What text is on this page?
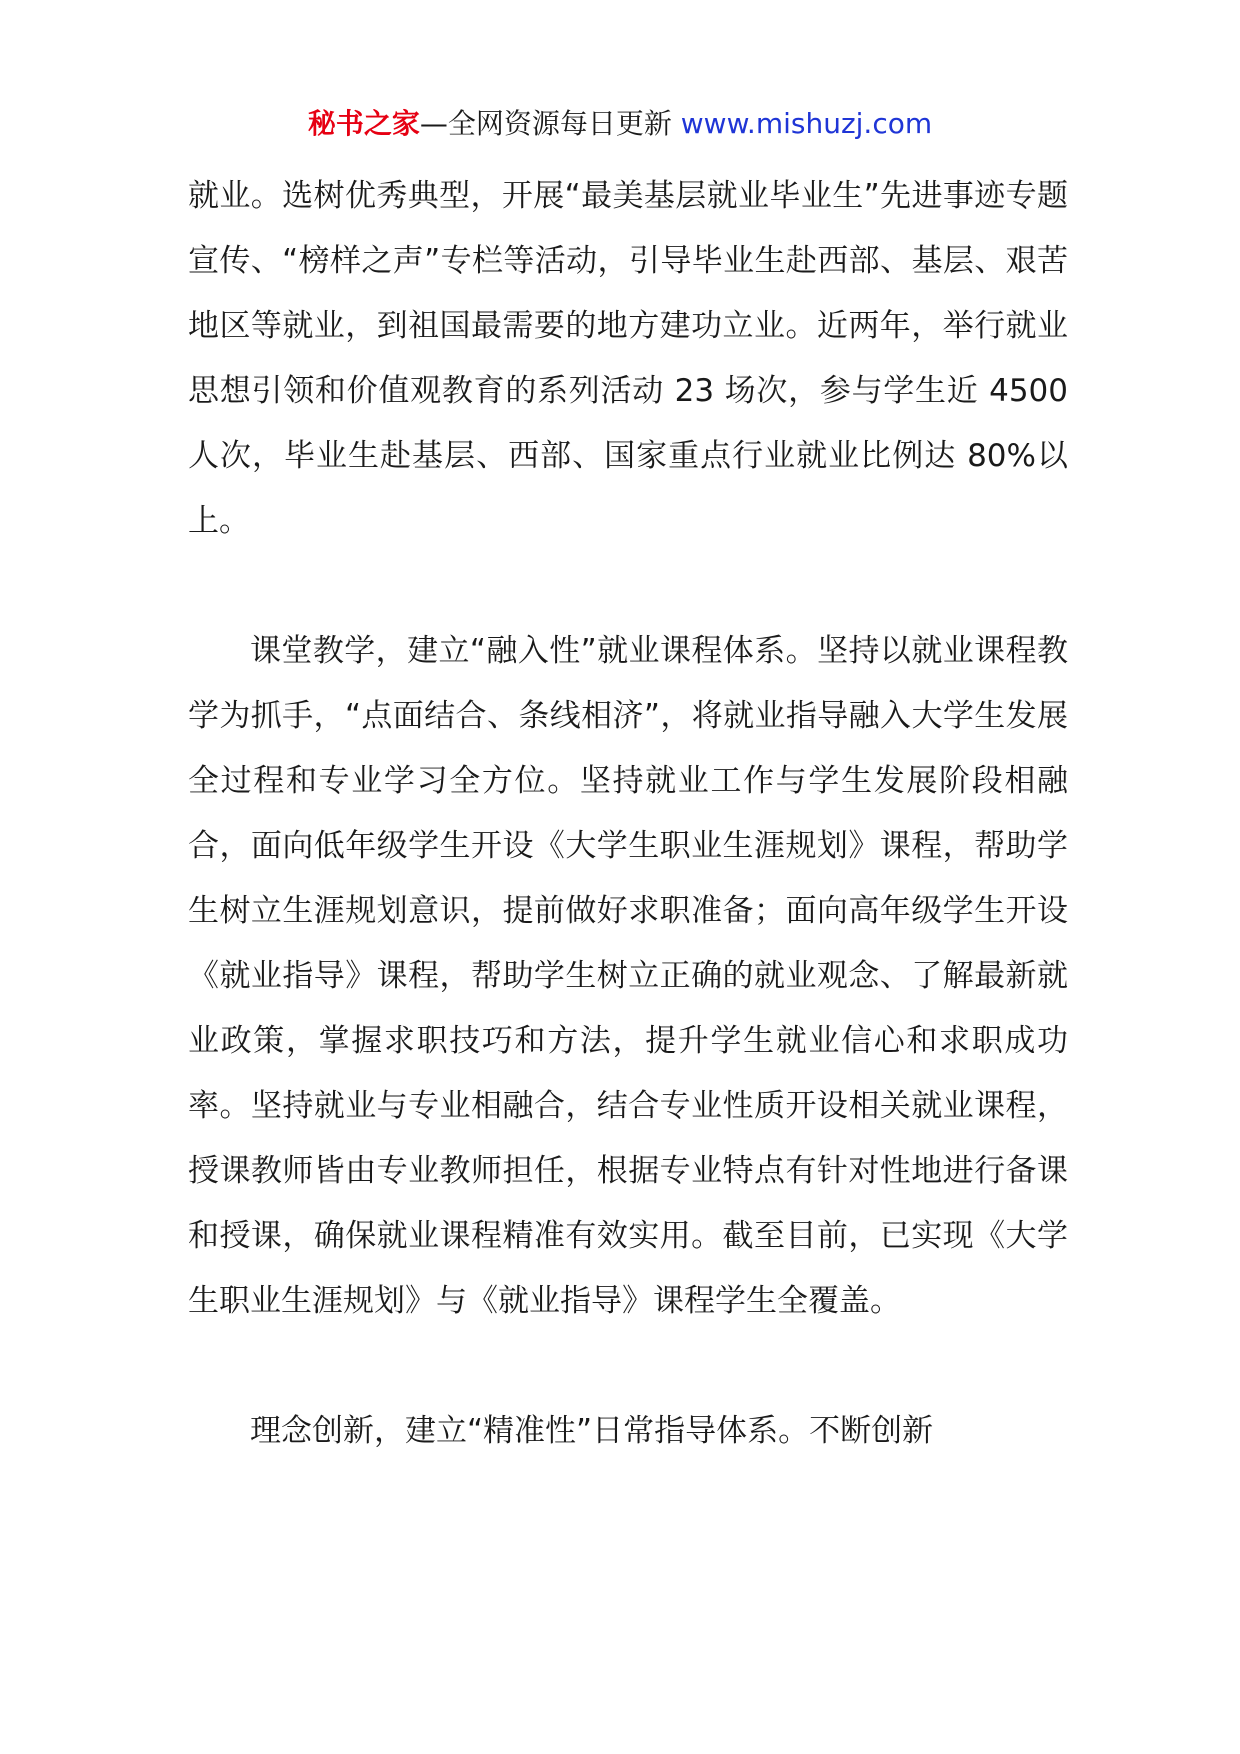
秘书之家—全网资源每日更新 www.mishuzj.com

就业。选树优秀典型，开展“最美基层就业毕业生”先进事迹专题宣传、“榜样之声”专栏等活动，引导毕业生赴西部、基层、艰苦地区等就业，到祖国最需要的地方建功立业。近两年，举行就业思想引领和价值观教育的系列活动 23 场次，参与学生近 4500 人次，毕业生赴基层、西部、国家重点行业就业比例达 80%以上。

课堂教学，建立“融入性”就业课程体系。坚持以就业课程教学为抓手，“点面结合、条线相济”，将就业指导融入大学生发展全过程和专业学习全方位。坚持就业工作与学生发展阶段相融合，面向低年级学生开设《大学生职业生涯规划》课程，帮助学生树立生涯规划意识，提前做好求职准备；面向高年级学生开设《就业指导》课程，帮助学生树立正确的就业观念、了解最新就业政策，掌握求职技巧和方法，提升学生就业信心和求职成功率。坚持就业与专业相融合，结合专业性质开设相关就业课程，授课教师皆由专业教师担任，根据专业特点有针对性地进行备课和授课，确保就业课程精准有效实用。截至目前，已实现《大学生职业生涯规划》与《就业指导》课程学生全覆盖。

理念创新，建立“精准性”日常指导体系。不断创新
